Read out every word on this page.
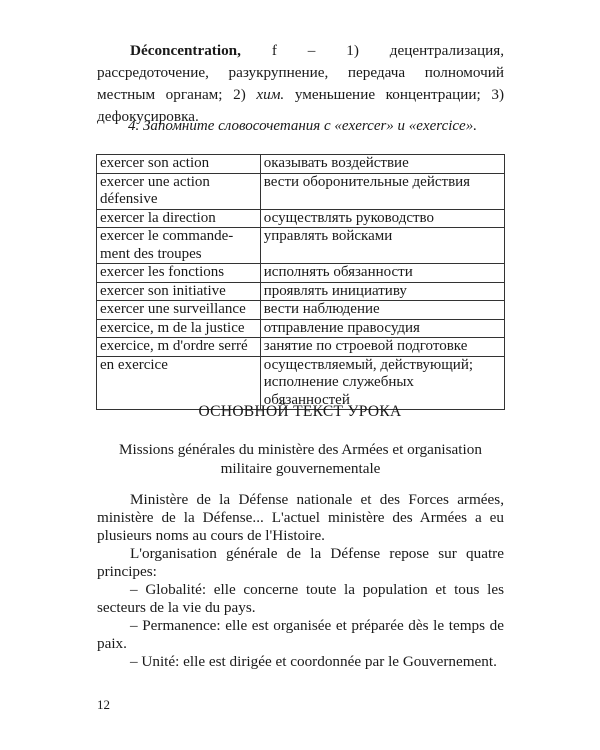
Déconcentration, f – 1) децентрализация, рассредоточение, разукрупнение, передача полномочий местным органам; 2) хим. уменьшение концентрации; 3) дефокусировка.

4. Запомните словосочетания с «exercer» и «exercice».

exercer son action	оказывать воздействие
exercer une action défensive	вести оборонительные действия
exercer la direction	осуществлять руководство
exercer le commande-ment des troupes	управлять войсками
exercer les fonctions	исполнять обязанности
exercer son initiative	проявлять инициативу
exercer une surveillance	вести наблюдение
exercice, m de la justice	отправление правосудия
exercice, m d'ordre serré	занятие по строевой подготовке
en exercice	осуществляемый, действующий; исполнение служебных обязанностей

ОСНОВНОЙ ТЕКСТ УРОКА

Missions générales du ministère des Armées et organisation militaire gouvernementale

Ministère de la Défense nationale et des Forces armées, ministère de la Défense... L'actuel ministère des Armées a eu plusieurs noms au cours de l'Histoire.

L'organisation générale de la Défense repose sur quatre principes:

– Globalité: elle concerne toute la population et tous les secteurs de la vie du pays.

– Permanence: elle est organisée et préparée dès le temps de paix.

– Unité: elle est dirigée et coordonnée par le Gouvernement.

12
